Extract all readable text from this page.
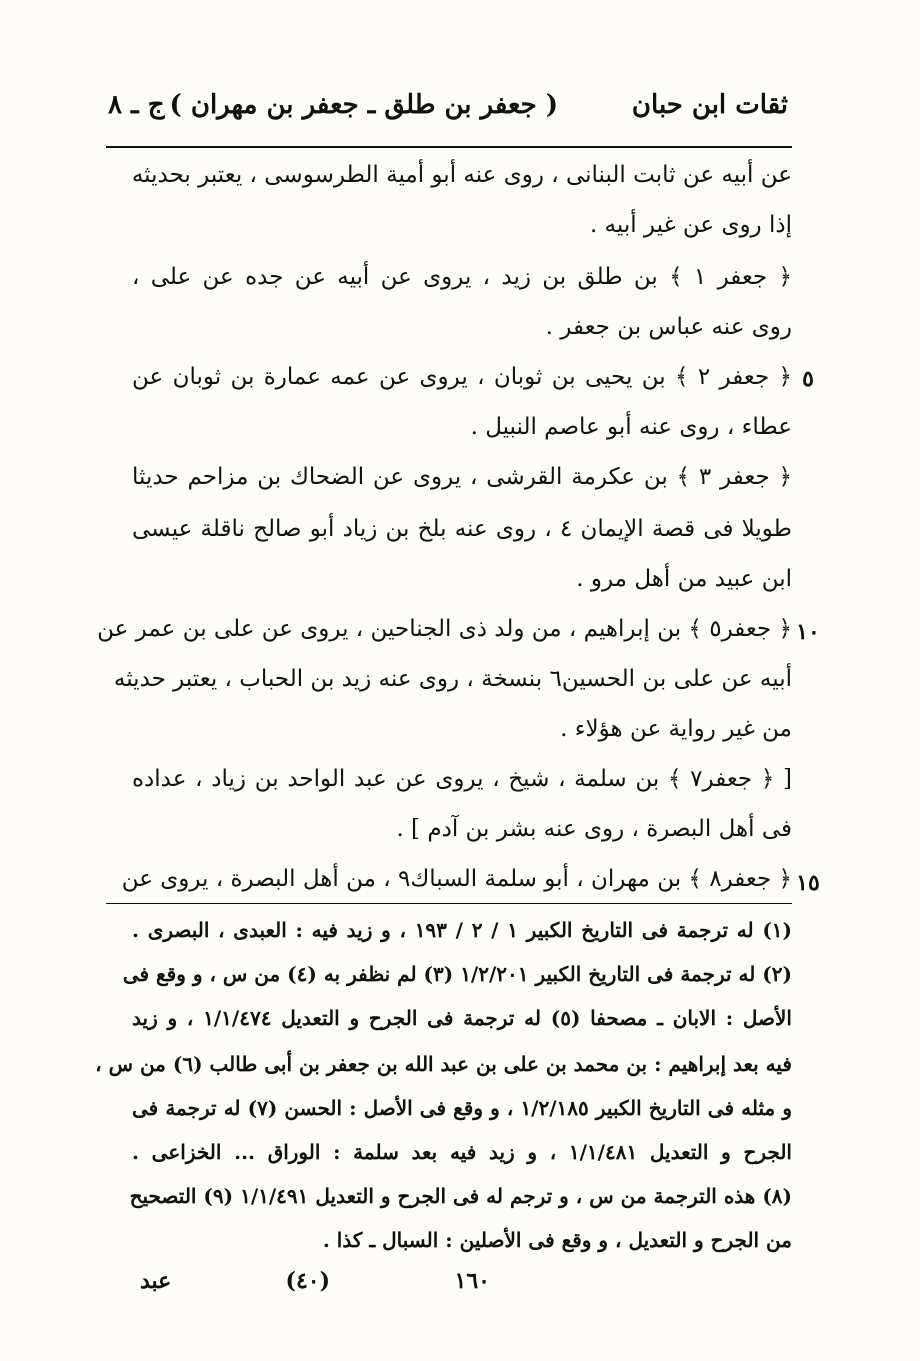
ثقات ابن حبان
( جعفر بن طلق ـ جعفر بن مهران )
ج ـ ٨
عن أبيه عن ثابت البنانى ، روى عنه أبو أمية الطرسوسى ، يعتبر بحديثه
إذا روى عن غير أبيه .
﴿ جعفر ١ ﴾ بن طلق بن زيد ، يروى عن أبيه عن جده عن على ،
روى عنه عباس بن جعفر .
٥
﴿ جعفر ٢ ﴾ بن يحيى بن ثوبان ، يروى عن عمه عمارة بن ثوبان عن
عطاء ، روى عنه أبو عاصم النبيل .
﴿ جعفر ٣ ﴾ بن عكرمة القرشى ، يروى عن الضحاك بن مزاحم حديثا
طويلا فى قصة الإيمان ٤ ، روى عنه بلخ بن زياد أبو صالح ناقلة عيسى
ابن عبيد من أهل مرو .
١٠
﴿ جعفر٥ ﴾ بن إبراهيم ، من ولد ذى الجناحين ، يروى عن على بن عمر عن
أبيه عن على بن الحسين٦ بنسخة ، روى عنه زيد بن الحباب ، يعتبر حديثه
من غير رواية عن هؤلاء .
[ ﴿ جعفر٧ ﴾ بن سلمة ، شيخ ، يروى عن عبد الواحد بن زياد ، عداده
فى أهل البصرة ، روى عنه بشر بن آدم ] .
١٥
﴿ جعفر٨ ﴾ بن مهران ، أبو سلمة السباك٩ ، من أهل البصرة ، يروى عن
(١) له ترجمة فى التاريخ الكبير ١ / ٢ / ١٩٣ ، و زيد فيه : العبدى ، البصرى .
(٢) له ترجمة فى التاريخ الكبير ١/٢/٢٠١ (٣) لم نظفر به (٤) من س ، و وقع فى
الأصل : الابان ـ مصحفا (٥) له ترجمة فى الجرح و التعديل ١/١/٤٧٤ ، و زيد
فيه بعد إبراهيم : بن محمد بن على بن عبد الله بن جعفر بن أبى طالب (٦) من س ،
و مثله فى التاريخ الكبير ١/٢/١٨٥ ، و وقع فى الأصل : الحسن (٧) له ترجمة فى
الجرح و التعديل ١/١/٤٨١ ، و زيد فيه بعد سلمة : الوراق ... الخزاعى .
(٨) هذه الترجمة من س ، و ترجم له فى الجرح و التعديل ١/١/٤٩١ (٩) التصحيح
من الجرح و التعديل ، و وقع فى الأصلين : السبال ـ كذا .
١٦٠
(٤٠)
عبد
